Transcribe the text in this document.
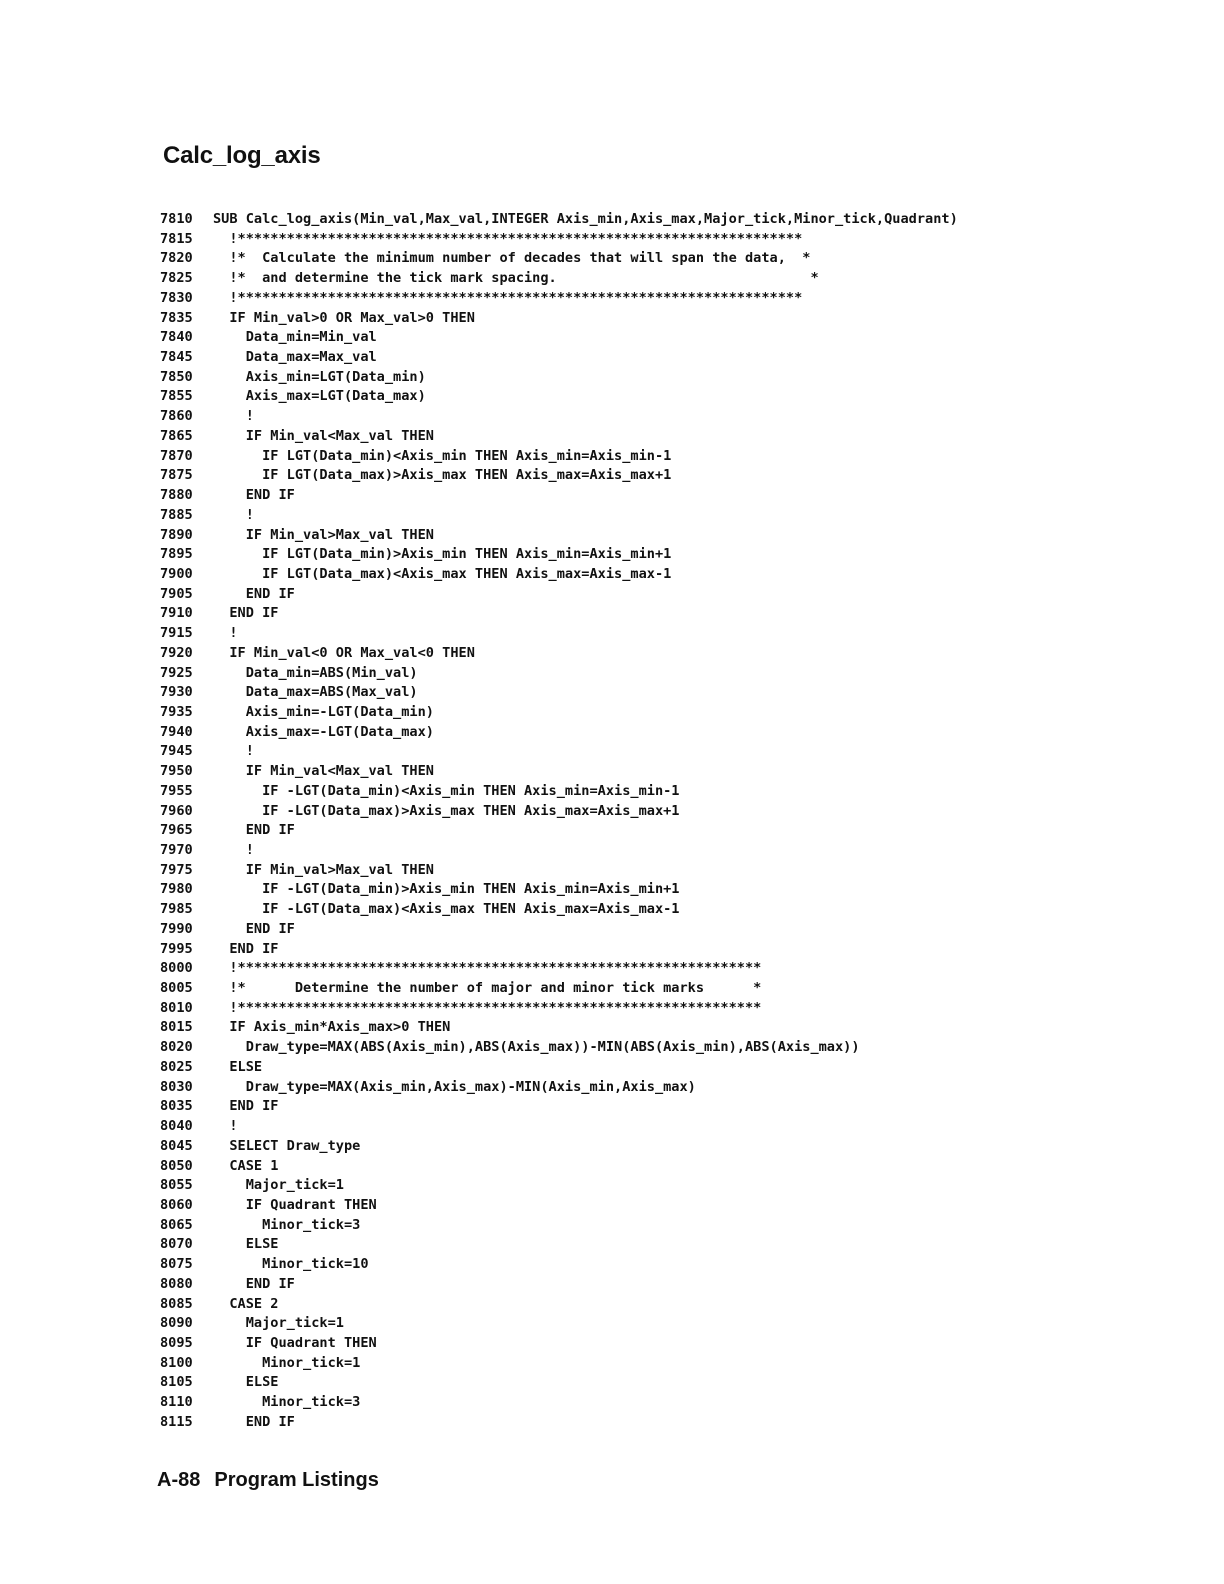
Calc_log_axis
7810 SUB Calc_log_axis(Min_val,Max_val,INTEGER Axis_min,Axis_max,Major_tick,Minor_tick,Quadrant)
7815 !*********************************************************************
7820 !*  Calculate the minimum number of decades that will span the data,  *
7825 !*  and determine the tick mark spacing.                               *
7830 !*********************************************************************
7835 IF Min_val>0 OR Max_val>0 THEN
7840 Data_min=Min_val
7845 Data_max=Max_val
7850 Axis_min=LGT(Data_min)
7855 Axis_max=LGT(Data_max)
7860 !
7865 IF Min_val<Max_val THEN
7870 IF LGT(Data_min)<Axis_min THEN Axis_min=Axis_min-1
7875 IF LGT(Data_max)>Axis_max THEN Axis_max=Axis_max+1
7880 END IF
7885 !
7890 IF Min_val>Max_val THEN
7895 IF LGT(Data_min)>Axis_min THEN Axis_min=Axis_min+1
7900 IF LGT(Data_max)<Axis_max THEN Axis_max=Axis_max-1
7905 END IF
7910 END IF
7915 !
7920 IF Min_val<0 OR Max_val<0 THEN
7925 Data_min=ABS(Min_val)
7930 Data_max=ABS(Max_val)
7935 Axis_min=-LGT(Data_min)
7940 Axis_max=-LGT(Data_max)
7945 !
7950 IF Min_val<Max_val THEN
7955 IF -LGT(Data_min)<Axis_min THEN Axis_min=Axis_min-1
7960 IF -LGT(Data_max)>Axis_max THEN Axis_max=Axis_max+1
7965 END IF
7970 !
7975 IF Min_val>Max_val THEN
7980 IF -LGT(Data_min)>Axis_min THEN Axis_min=Axis_min+1
7985 IF -LGT(Data_max)<Axis_max THEN Axis_max=Axis_max-1
7990 END IF
7995 END IF
8000 !****************************************************************
8005 !*      Determine the number of major and minor tick marks      *
8010 !****************************************************************
8015 IF Axis_min*Axis_max>0 THEN
8020 Draw_type=MAX(ABS(Axis_min),ABS(Axis_max))-MIN(ABS(Axis_min),ABS(Axis_max))
8025 ELSE
8030 Draw_type=MAX(Axis_min,Axis_max)-MIN(Axis_min,Axis_max)
8035 END IF
8040 !
8045 SELECT Draw_type
8050 CASE 1
8055 Major_tick=1
8060 IF Quadrant THEN
8065 Minor_tick=3
8070 ELSE
8075 Minor_tick=10
8080 END IF
8085 CASE 2
8090 Major_tick=1
8095 IF Quadrant THEN
8100 Minor_tick=1
8105 ELSE
8110 Minor_tick=3
8115 END IF
A-88 Program Listings
